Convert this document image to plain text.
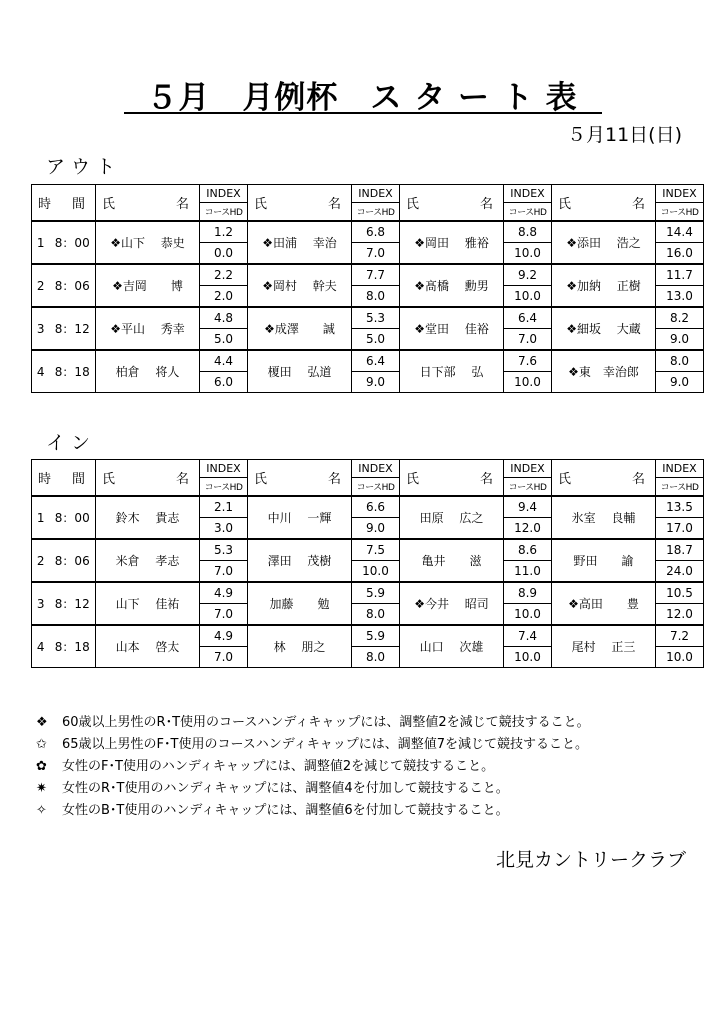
５月　月例杯　ス タ ー ト 表
５月11日(日)
ア ウ ト
時 間		氏 名	INDEX	氏 名	INDEX	氏 名	INDEX	氏 名	INDEX
			コースHD		コースHD		コースHD		コースHD
1	8：00	❖山下　 恭史	1.2	❖田浦　 幸治	6.8	❖岡田　 雅裕	8.8	❖添田　 浩之	14.4
			0.0		7.0		10.0		16.0
2	8：06	❖吉岡　　博	2.2	❖岡村　 幹夫	7.7	❖髙橋　 勳男	9.2	❖加納　 正樹	11.7
			2.0		8.0		10.0		13.0
3	8：12	❖平山　 秀幸	4.8	❖成澤　　誠	5.3	❖堂田　 佳裕	6.4	❖細坂　 大蔵	8.2
			5.0		5.0		7.0		9.0
4	8：18	柏倉　 将人	4.4	榎田　 弘道	6.4	日下部　 弘	7.6	❖東　幸治郎	8.0
			6.0		9.0		10.0		9.0
イ ン
時 間		氏 名	INDEX	氏 名	INDEX	氏 名	INDEX	氏 名	INDEX
			コースHD		コースHD		コースHD		コースHD
1	8：00	鈴木　 貴志	2.1	中川　 一輝	6.6	田原　 広之	9.4	氷室　 良輔	13.5
			3.0		9.0		12.0		17.0
2	8：06	米倉　 孝志	5.3	澤田　 茂樹	7.5	亀井　　滋	8.6	野田　　諭	18.7
			7.0		10.0		11.0		24.0
3	8：12	山下　 佳祐	4.9	加藤　　勉	5.9	❖今井　 昭司	8.9	❖高田　　豊	10.5
			7.0		8.0		10.0		12.0
4	8：18	山本　 啓太	4.9	林　 朋之	5.9	山口　 次雄	7.4	尾村　 正三	7.2
			7.0		8.0		10.0		10.0
❖ 60歳以上男性のR･T使用のコースハンディキャップには、調整値2を減じて競技すること。
✩ 65歳以上男性のF･T使用のコースハンディキャップには、調整値7を減じて競技すること。
✿ 女性のF･T使用のハンディキャップには、調整値2を減じて競技すること。
✷ 女性のR･T使用のハンディキャップには、調整値4を付加して競技すること。
✧ 女性のB･T使用のハンディキャップには、調整値6を付加して競技すること。
北見カントリークラブ
